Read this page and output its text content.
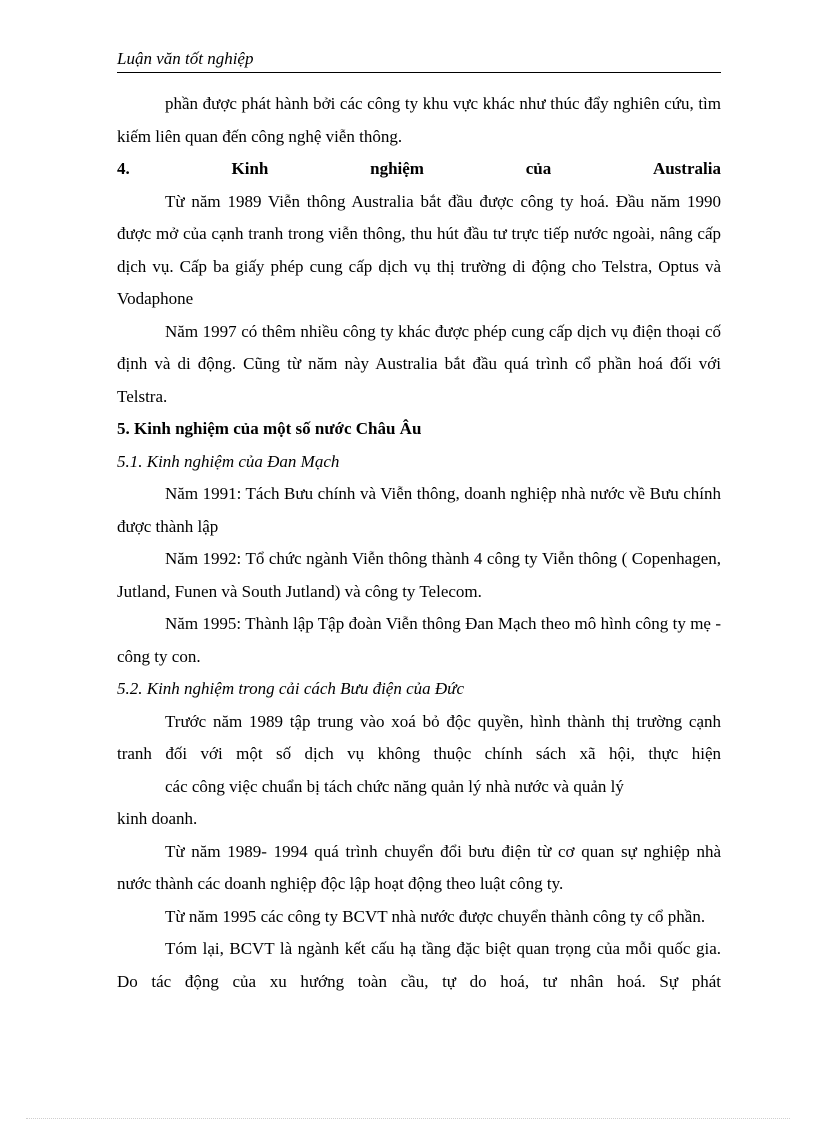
Luận văn tốt nghiệp

phần được phát hành bởi các công ty khu vực khác như thúc đẩy nghiên cứu, tìm kiếm liên quan đến công nghệ viễn thông.

4.	Kinh	nghiệm	của	Australia

Từ năm 1989 Viễn thông Australia bắt đầu được công ty hoá. Đầu năm 1990 được mở của cạnh tranh trong viễn thông, thu hút đầu tư trực tiếp nước ngoài, nâng cấp dịch vụ. Cấp ba giấy phép cung cấp dịch vụ thị trường di động cho Telstra, Optus và Vodaphone

Năm 1997 có thêm nhiều công ty khác được phép cung cấp dịch vụ điện thoại cố định và di động. Cũng từ năm này Australia bắt đầu quá trình cổ phần hoá đối với Telstra.

5. Kinh nghiệm của một số nước Châu Âu

5.1. Kinh nghiệm của Đan Mạch

Năm 1991: Tách Bưu chính và Viễn thông, doanh nghiệp nhà nước về Bưu chính được thành lập

Năm 1992: Tổ chức ngành Viễn thông thành 4 công ty Viễn thông ( Copenhagen, Jutland, Funen và South Jutland) và công ty Telecom.

Năm 1995: Thành lập Tập đoàn Viễn thông Đan Mạch theo mô hình công ty mẹ - công ty con.

5.2. Kinh nghiệm trong cải cách Bưu điện của Đức

Trước năm 1989 tập trung vào xoá bỏ độc quyền, hình thành thị trường cạnh tranh đối với một số dịch vụ không thuộc chính sách xã hội, thực hiện

các công việc chuẩn bị tách chức năng quản lý nhà nước và quản lý

kinh doanh.

Từ năm 1989- 1994 quá trình chuyển đổi bưu điện từ cơ quan sự nghiệp nhà nước thành các doanh nghiệp độc lập hoạt động theo luật công ty.

Từ năm 1995 các công ty BCVT nhà nước được chuyển thành công ty cổ phần.

Tóm lại, BCVT là ngành kết cấu hạ tầng đặc biệt quan trọng của mỗi quốc gia. Do tác động của xu hướng toàn cầu, tự do hoá, tư nhân hoá. Sự phát
